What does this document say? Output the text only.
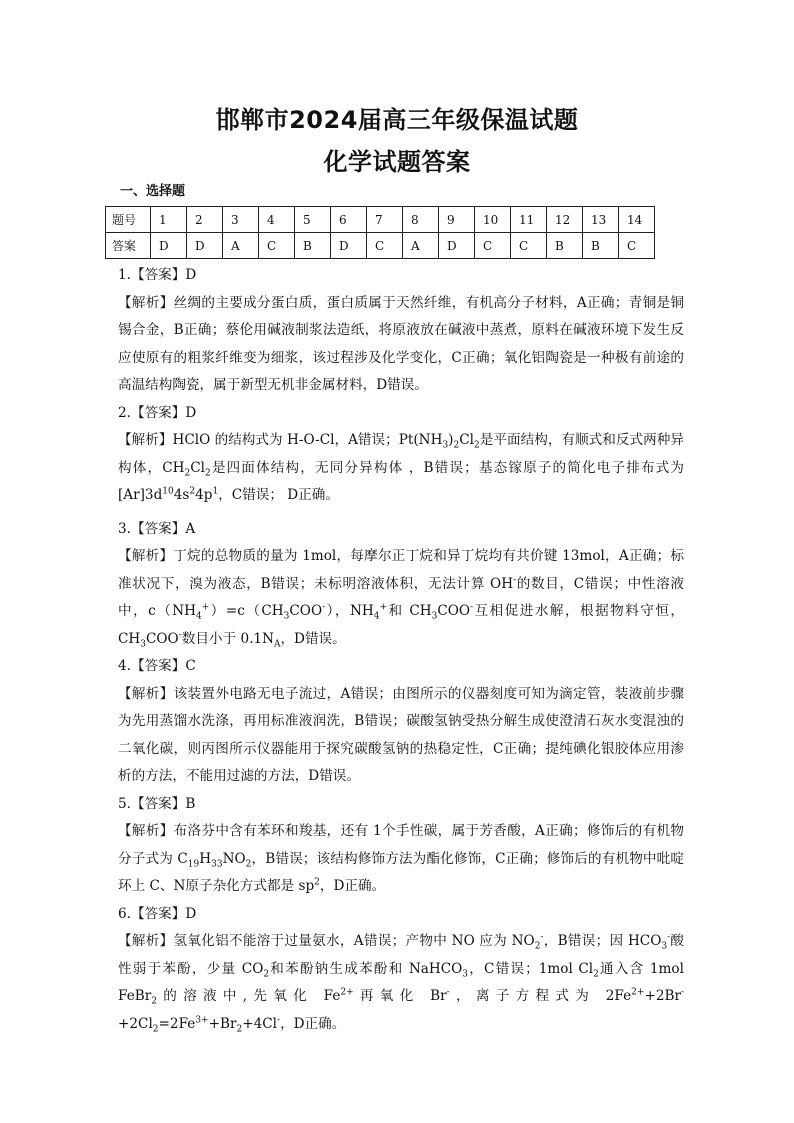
邯郸市2024届高三年级保温试题
化学试题答案
一、选择题
题号	1	2	3	4	5	6	7	8	9	10	11	12	13	14
答案	D	D	A	C	B	D	C	A	D	C	C	B	B	C

1.【答案】D

【解析】丝绸的主要成分蛋白质，蛋白质属于天然纤维，有机高分子材料，A正确；青铜是铜锡合金，B正确；蔡伦用碱液制浆法造纸，将原液放在碱液中蒸煮，原料在碱液环境下发生反应使原有的粗浆纤维变为细浆，该过程涉及化学变化，C正确；氧化铝陶瓷是一种极有前途的高温结构陶瓷，属于新型无机非金属材料，D错误。

2.【答案】D

【解析】HClO 的结构式为 H-O-Cl，A错误；$Pt(NH_3)_2Cl_2$是平面结构，有顺式和反式两种异构体，$CH_2Cl_2$是四面体结构，无同分异构体 ，B错误；基态镓原子的简化电子排布式为$[Ar]3d^{10}4s^24p^1$，C错误； D正确。

3.【答案】A

【解析】丁烷的总物质的量为 1mol，每摩尔正丁烷和异丁烷均有共价键 13mol，A正确；标准状况下，溴为液态，B错误；未标明溶液体积，无法计算 OH-的数目，C错误；中性溶液中，$c(NH_4^+)=c(CH_3COO^-)$，$NH_4^+$和 $CH_3COO^-$互相促进水解，根据物料守恒，$CH_3COO^-$数目小于 $0.1N_A$，D错误。

4.【答案】C

【解析】该装置外电路无电子流过，A错误；由图所示的仪器刻度可知为滴定管，装液前步骤为先用蒸馏水洗涤，再用标准液润洗，B错误；碳酸氢钠受热分解生成使澄清石灰水变混浊的二氧化碳，则丙图所示仪器能用于探究碳酸氢钠的热稳定性，C正确；提纯碘化银胶体应用渗析的方法，不能用过滤的方法，D错误。

5.【答案】B

【解析】布洛芬中含有苯环和羧基，还有 1个手性碳，属于芳香酸，A正确；修饰后的有机物分子式为 $C_{19}H_{33}NO_2$，B错误；该结构修饰方法为酯化修饰，C正确；修饰后的有机物中吡啶环上 C、N原子杂化方式都是 $sp^2$，D正确。

6.【答案】D

【解析】氢氧化铝不能溶于过量氨水，A错误；产物中 NO 应为 $NO_2^-$，B错误；因 $HCO_3^-$酸性弱于苯酚，少量 $CO_2$和苯酚钠生成苯酚和 NaHCO$_3$，C错误；1mol $Cl_2$通入含 1mol FeBr$_2$的溶液中,先氧化 $Fe^{2+}$再氧化 Br-，离子方程式为 $2Fe^{2+}+2Br^-+2Cl_2=2Fe^{3+}+Br_2+4Cl^-$，D正确。
